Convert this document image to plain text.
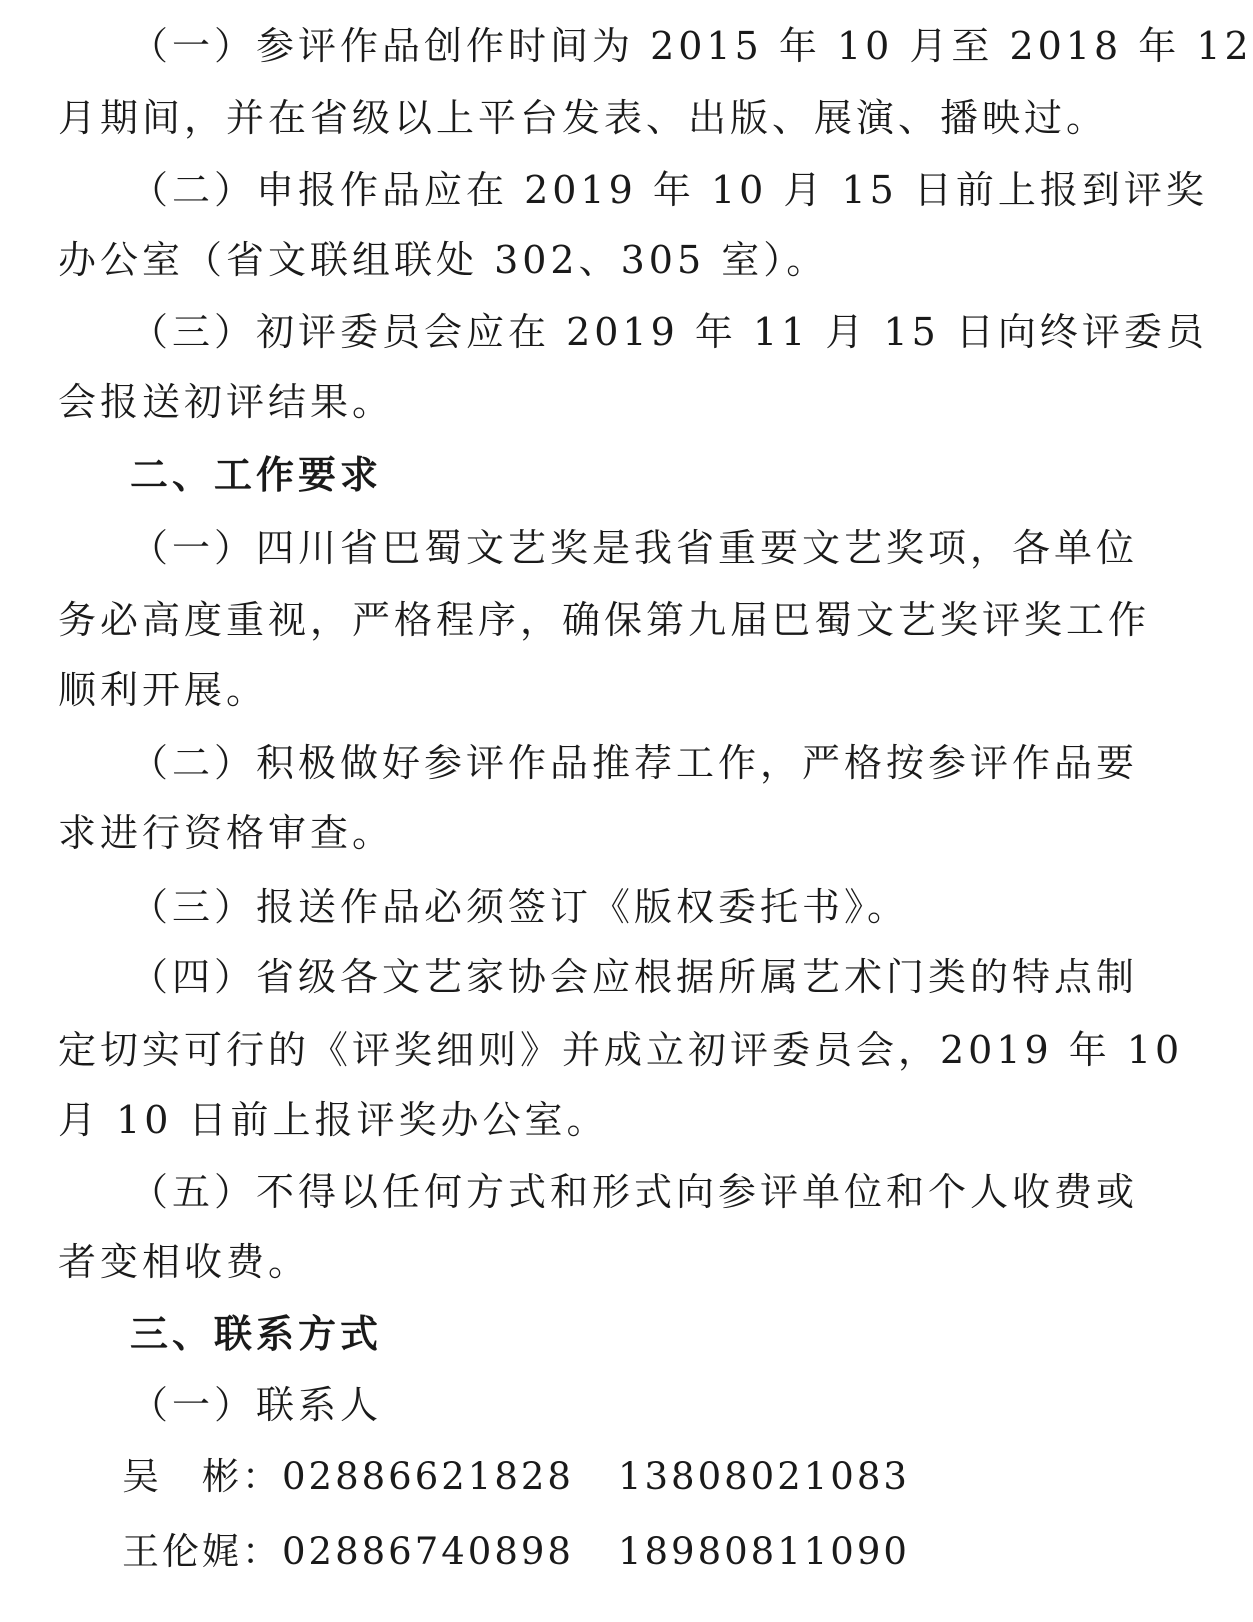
（一）参评作品创作时间为 2015 年 10 月至 2018 年 12

月期间，并在省级以上平台发表、出版、展演、播映过。

（二）申报作品应在 2019 年 10 月 15 日前上报到评奖

办公室（省文联组联处 302、305 室）。

（三）初评委员会应在 2019 年 11 月 15 日向终评委员

会报送初评结果。

二、工作要求

（一）四川省巴蜀文艺奖是我省重要文艺奖项，各单位

务必高度重视，严格程序，确保第九届巴蜀文艺奖评奖工作

顺利开展。

（二）积极做好参评作品推荐工作，严格按参评作品要

求进行资格审查。

（三）报送作品必须签订《版权委托书》。

（四）省级各文艺家协会应根据所属艺术门类的特点制

定切实可行的《评奖细则》并成立初评委员会，2019 年 10

月 10 日前上报评奖办公室。

（五）不得以任何方式和形式向参评单位和个人收费或

者变相收费。

三、联系方式

（一）联系人

吴　彬：02886621828 13808021083

王伦娓：02886740898 18980811090
